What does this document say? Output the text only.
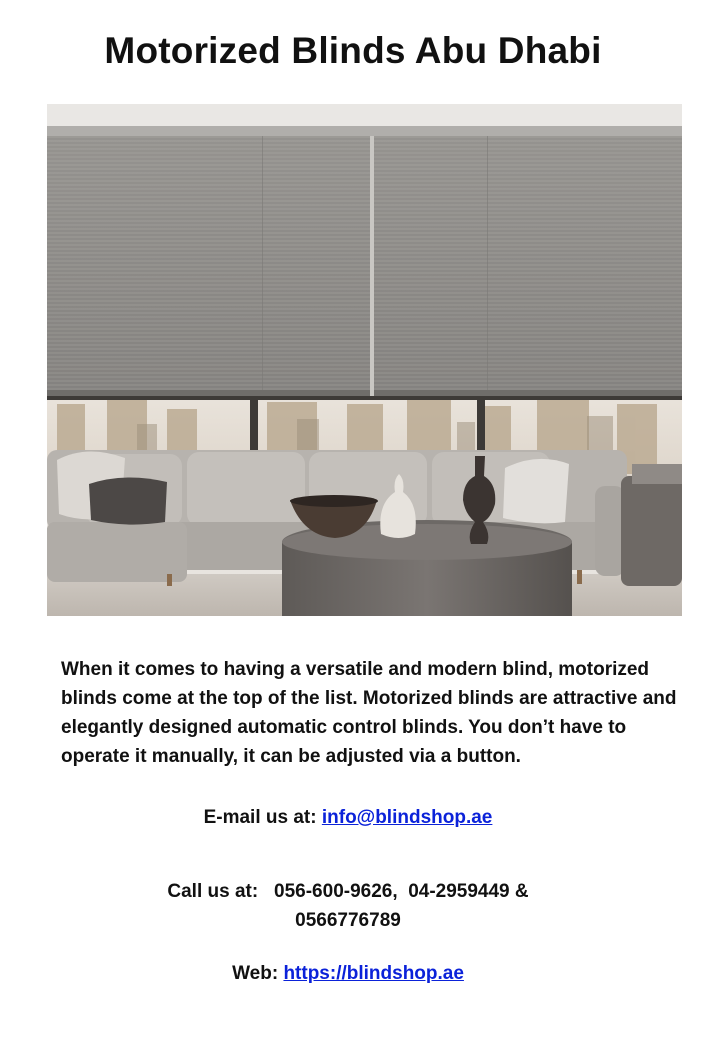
Motorized Blinds Abu Dhabi
When it comes to having a versatile and modern blind, motorized blinds come at the top of the list. Motorized blinds are attractive and elegantly designed automatic control blinds. You don’t have to operate it manually, it can be adjusted via a button.
E-mail us at: info@blindshop.ae
Call us at: 056-600-9626,  04-2959449 &
0566776789
Web: https://blindshop.ae
